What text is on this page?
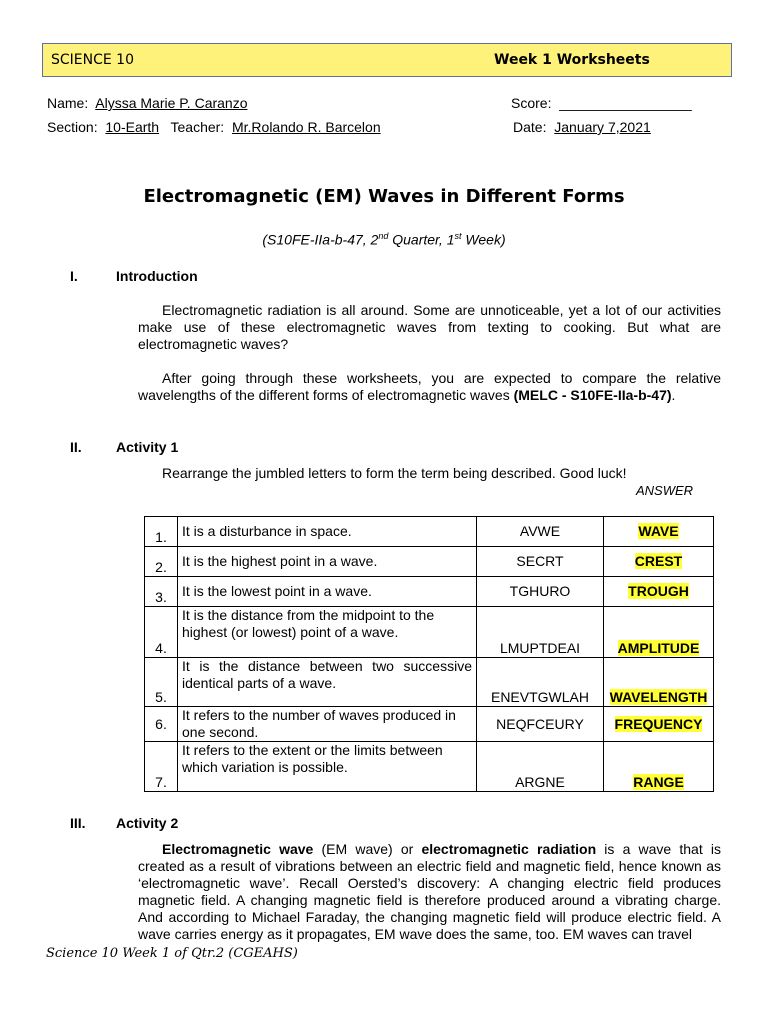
SCIENCE 10	Week 1 Worksheets
Name: Alyssa Marie P. Caranzo	Score: _________________
Section: 10-Earth Teacher: Mr.Rolando R. Barcelon	Date: January 7,2021
Electromagnetic (EM) Waves in Different Forms
(S10FE-IIa-b-47, 2nd Quarter, 1st Week)
I.	Introduction
Electromagnetic radiation is all around. Some are unnoticeable, yet a lot of our activities make use of these electromagnetic waves from texting to cooking. But what are electromagnetic waves?
After going through these worksheets, you are expected to compare the relative wavelengths of the different forms of electromagnetic waves (MELC - S10FE-IIa-b-47).
II. Activity 1
Rearrange the jumbled letters to form the term being described. Good luck!
ANSWER
1.	It is a disturbance in space.	AVWE	WAVE
2.	It is the highest point in a wave.	SECRT	CREST
3.	It is the lowest point in a wave.	TGHURO	TROUGH
4.	It is the distance from the midpoint to the highest (or lowest) point of a wave.	LMUPTDEAI	AMPLITUDE
5.	It is the distance between two successive identical parts of a wave.	ENEVTGWLAH	WAVELENGTH
6.	It refers to the number of waves produced in one second.	NEQFCEURY	FREQUENCY
7.	It refers to the extent or the limits between which variation is possible.	ARGNE	RANGE
III. Activity 2
Electromagnetic wave (EM wave) or electromagnetic radiation is a wave that is created as a result of vibrations between an electric field and magnetic field, hence known as ‘electromagnetic wave’. Recall Oersted’s discovery: A changing electric field produces magnetic field. A changing magnetic field is therefore produced around a vibrating charge. And according to Michael Faraday, the changing magnetic field will produce electric field. A wave carries energy as it propagates, EM wave does the same, too. EM waves can travel
Science 10 Week 1 of Qtr.2 (CGEAHS)
